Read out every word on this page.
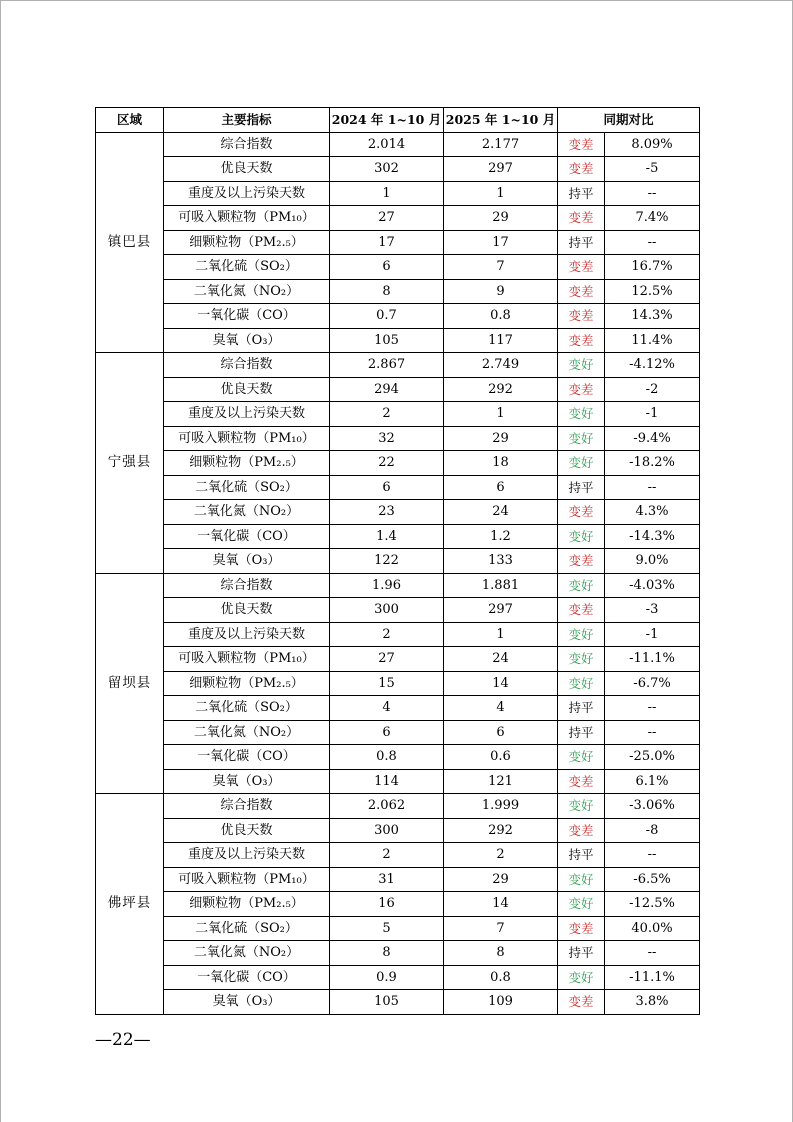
区域	主要指标	2024 年 1~10 月	2025 年 1~10 月	同期对比	
镇巴县	综合指数	2.014	2.177	变差	8.09%
	优良天数	302	297	变差	-5
	重度及以上污染天数	1	1	持平	--
	可吸入颗粒物（PM₁₀）	27	29	变差	7.4%
	细颗粒物（PM₂.₅）	17	17	持平	--
	二氧化硫（SO₂）	6	7	变差	16.7%
	二氧化氮（NO₂）	8	9	变差	12.5%
	一氧化碳（CO）	0.7	0.8	变差	14.3%
	臭氧（O₃）	105	117	变差	11.4%
宁强县	综合指数	2.867	2.749	变好	-4.12%
	优良天数	294	292	变差	-2
	重度及以上污染天数	2	1	变好	-1
	可吸入颗粒物（PM₁₀）	32	29	变好	-9.4%
	细颗粒物（PM₂.₅）	22	18	变好	-18.2%
	二氧化硫（SO₂）	6	6	持平	--
	二氧化氮（NO₂）	23	24	变差	4.3%
	一氧化碳（CO）	1.4	1.2	变好	-14.3%
	臭氧（O₃）	122	133	变差	9.0%
留坝县	综合指数	1.96	1.881	变好	-4.03%
	优良天数	300	297	变差	-3
	重度及以上污染天数	2	1	变好	-1
	可吸入颗粒物（PM₁₀）	27	24	变好	-11.1%
	细颗粒物（PM₂.₅）	15	14	变好	-6.7%
	二氧化硫（SO₂）	4	4	持平	--
	二氧化氮（NO₂）	6	6	持平	--
	一氧化碳（CO）	0.8	0.6	变好	-25.0%
	臭氧（O₃）	114	121	变差	6.1%
佛坪县	综合指数	2.062	1.999	变好	-3.06%
	优良天数	300	292	变差	-8
	重度及以上污染天数	2	2	持平	--
	可吸入颗粒物（PM₁₀）	31	29	变好	-6.5%
	细颗粒物（PM₂.₅）	16	14	变好	-12.5%
	二氧化硫（SO₂）	5	7	变差	40.0%
	二氧化氮（NO₂）	8	8	持平	--
	一氧化碳（CO）	0.9	0.8	变好	-11.1%
	臭氧（O₃）	105	109	变差	3.8%
—22—
